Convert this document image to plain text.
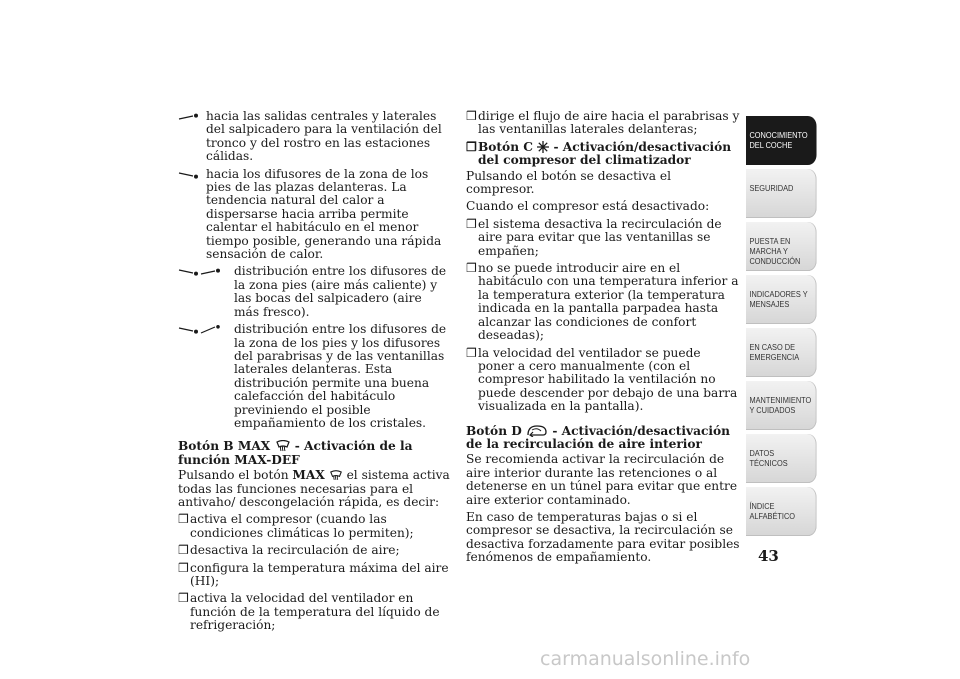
hacia las salidas centrales y laterales del salpicadero para la ventilación del tronco y del rostro en las estaciones cálidas.
hacia los difusores de la zona de los pies de las plazas delanteras. La tendencia natural del calor a dispersarse hacia arriba permite calentar el habitáculo en el menor tiempo posible, generando una rápida sensación de calor.
distribución entre los difusores de la zona pies (aire más caliente) y las bocas del salpicadero (aire más fresco).
distribución entre los difusores de la zona de los pies y los difusores del parabrisas y de las ventanillas laterales delanteras. Esta distribución permite una buena calefacción del habitáculo previniendo el posible empañamiento de los cristales.
Botón B MAX - Activación de la función MAX-DEF

Pulsando el botón MAX el sistema activa todas las funciones necesarias para el antivaho/ descongelación rápida, es decir:

❒ activa el compresor (cuando las condiciones climáticas lo permiten);
❒ desactiva la recirculación de aire;
❒ configura la temperatura máxima del aire (HI);
❒ activa la velocidad del ventilador en función de la temperatura del líquido de refrigeración;
❒ dirige el flujo de aire hacia el parabrisas y las ventanillas laterales delanteras;
❒ Botón C - Activación/desactivación del compresor del climatizador

Pulsando el botón se desactiva el compresor.

Cuando el compresor está desactivado:

❒ el sistema desactiva la recirculación de aire para evitar que las ventanillas se empañen;
❒ no se puede introducir aire en el habitáculo con una temperatura inferior a la temperatura exterior (la temperatura indicada en la pantalla parpadea hasta alcanzar las condiciones de confort deseadas);
❒ la velocidad del ventilador se puede poner a cero manualmente (con el compresor habilitado la ventilación no puede descender por debajo de una barra visualizada en la pantalla).
Botón D	- Activación/desactivación de la recirculación de aire interior

Se recomienda activar la recirculación de aire interior durante las retenciones o al detenerse en un túnel para evitar que entre aire exterior contaminado.

En caso de temperaturas bajas o si el compresor se desactiva, la recirculación se desactiva forzadamente para evitar posibles fenómenos de empañamiento.

CONOCIMIENTO DEL COCHE
SEGURIDAD
PUESTA EN MARCHA Y CONDUCCIÓN
INDICADORES Y MENSAJES
EN CASO DE EMERGENCIA
MANTENIMIENTO Y CUIDADOS
DATOS TÉCNICOS
ÍNDICE ALFABÉTICO
43
carmanualsonline.info
